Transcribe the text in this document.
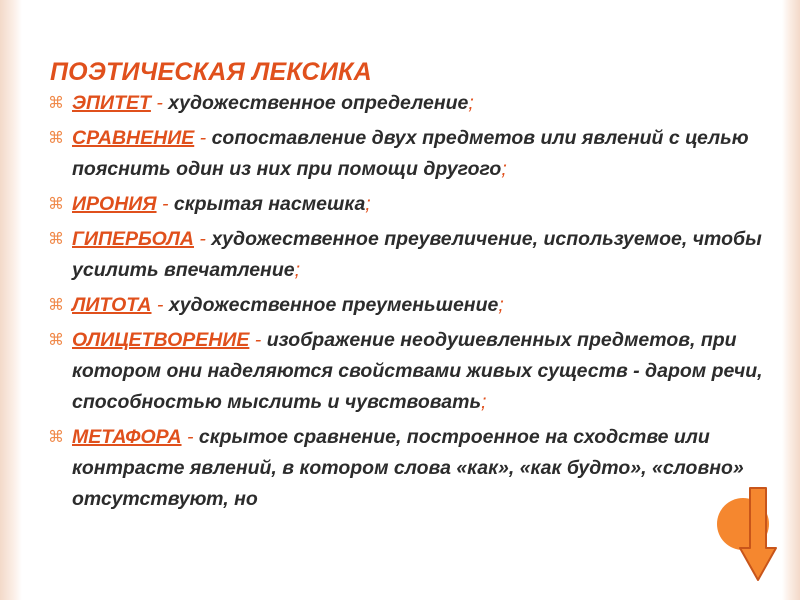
ПОЭТИЧЕСКАЯ ЛЕКСИКА
⌘ ЭПИТЕТ - художественное определение;
⌘ СРАВНЕНИЕ - сопоставление двух предметов или явлений с целью пояснить один из них при помощи другого;
⌘ ИРОНИЯ - скрытая насмешка;
⌘ ГИПЕРБОЛА - художественное преувеличение, используемое, чтобы усилить впечатление;
⌘ ЛИТОТА - художественное преуменьшение;
⌘ ОЛИЦЕТВОРЕНИЕ - изображение неодушевленных предметов, при котором они наделяются свойствами живых существ - даром речи, способностью мыслить и чувствовать;
⌘ МЕТАФОРА - скрытое сравнение, построенное на сходстве или контрасте явлений, в котором слова «как», «как будто», «словно» отсутствуют, но
